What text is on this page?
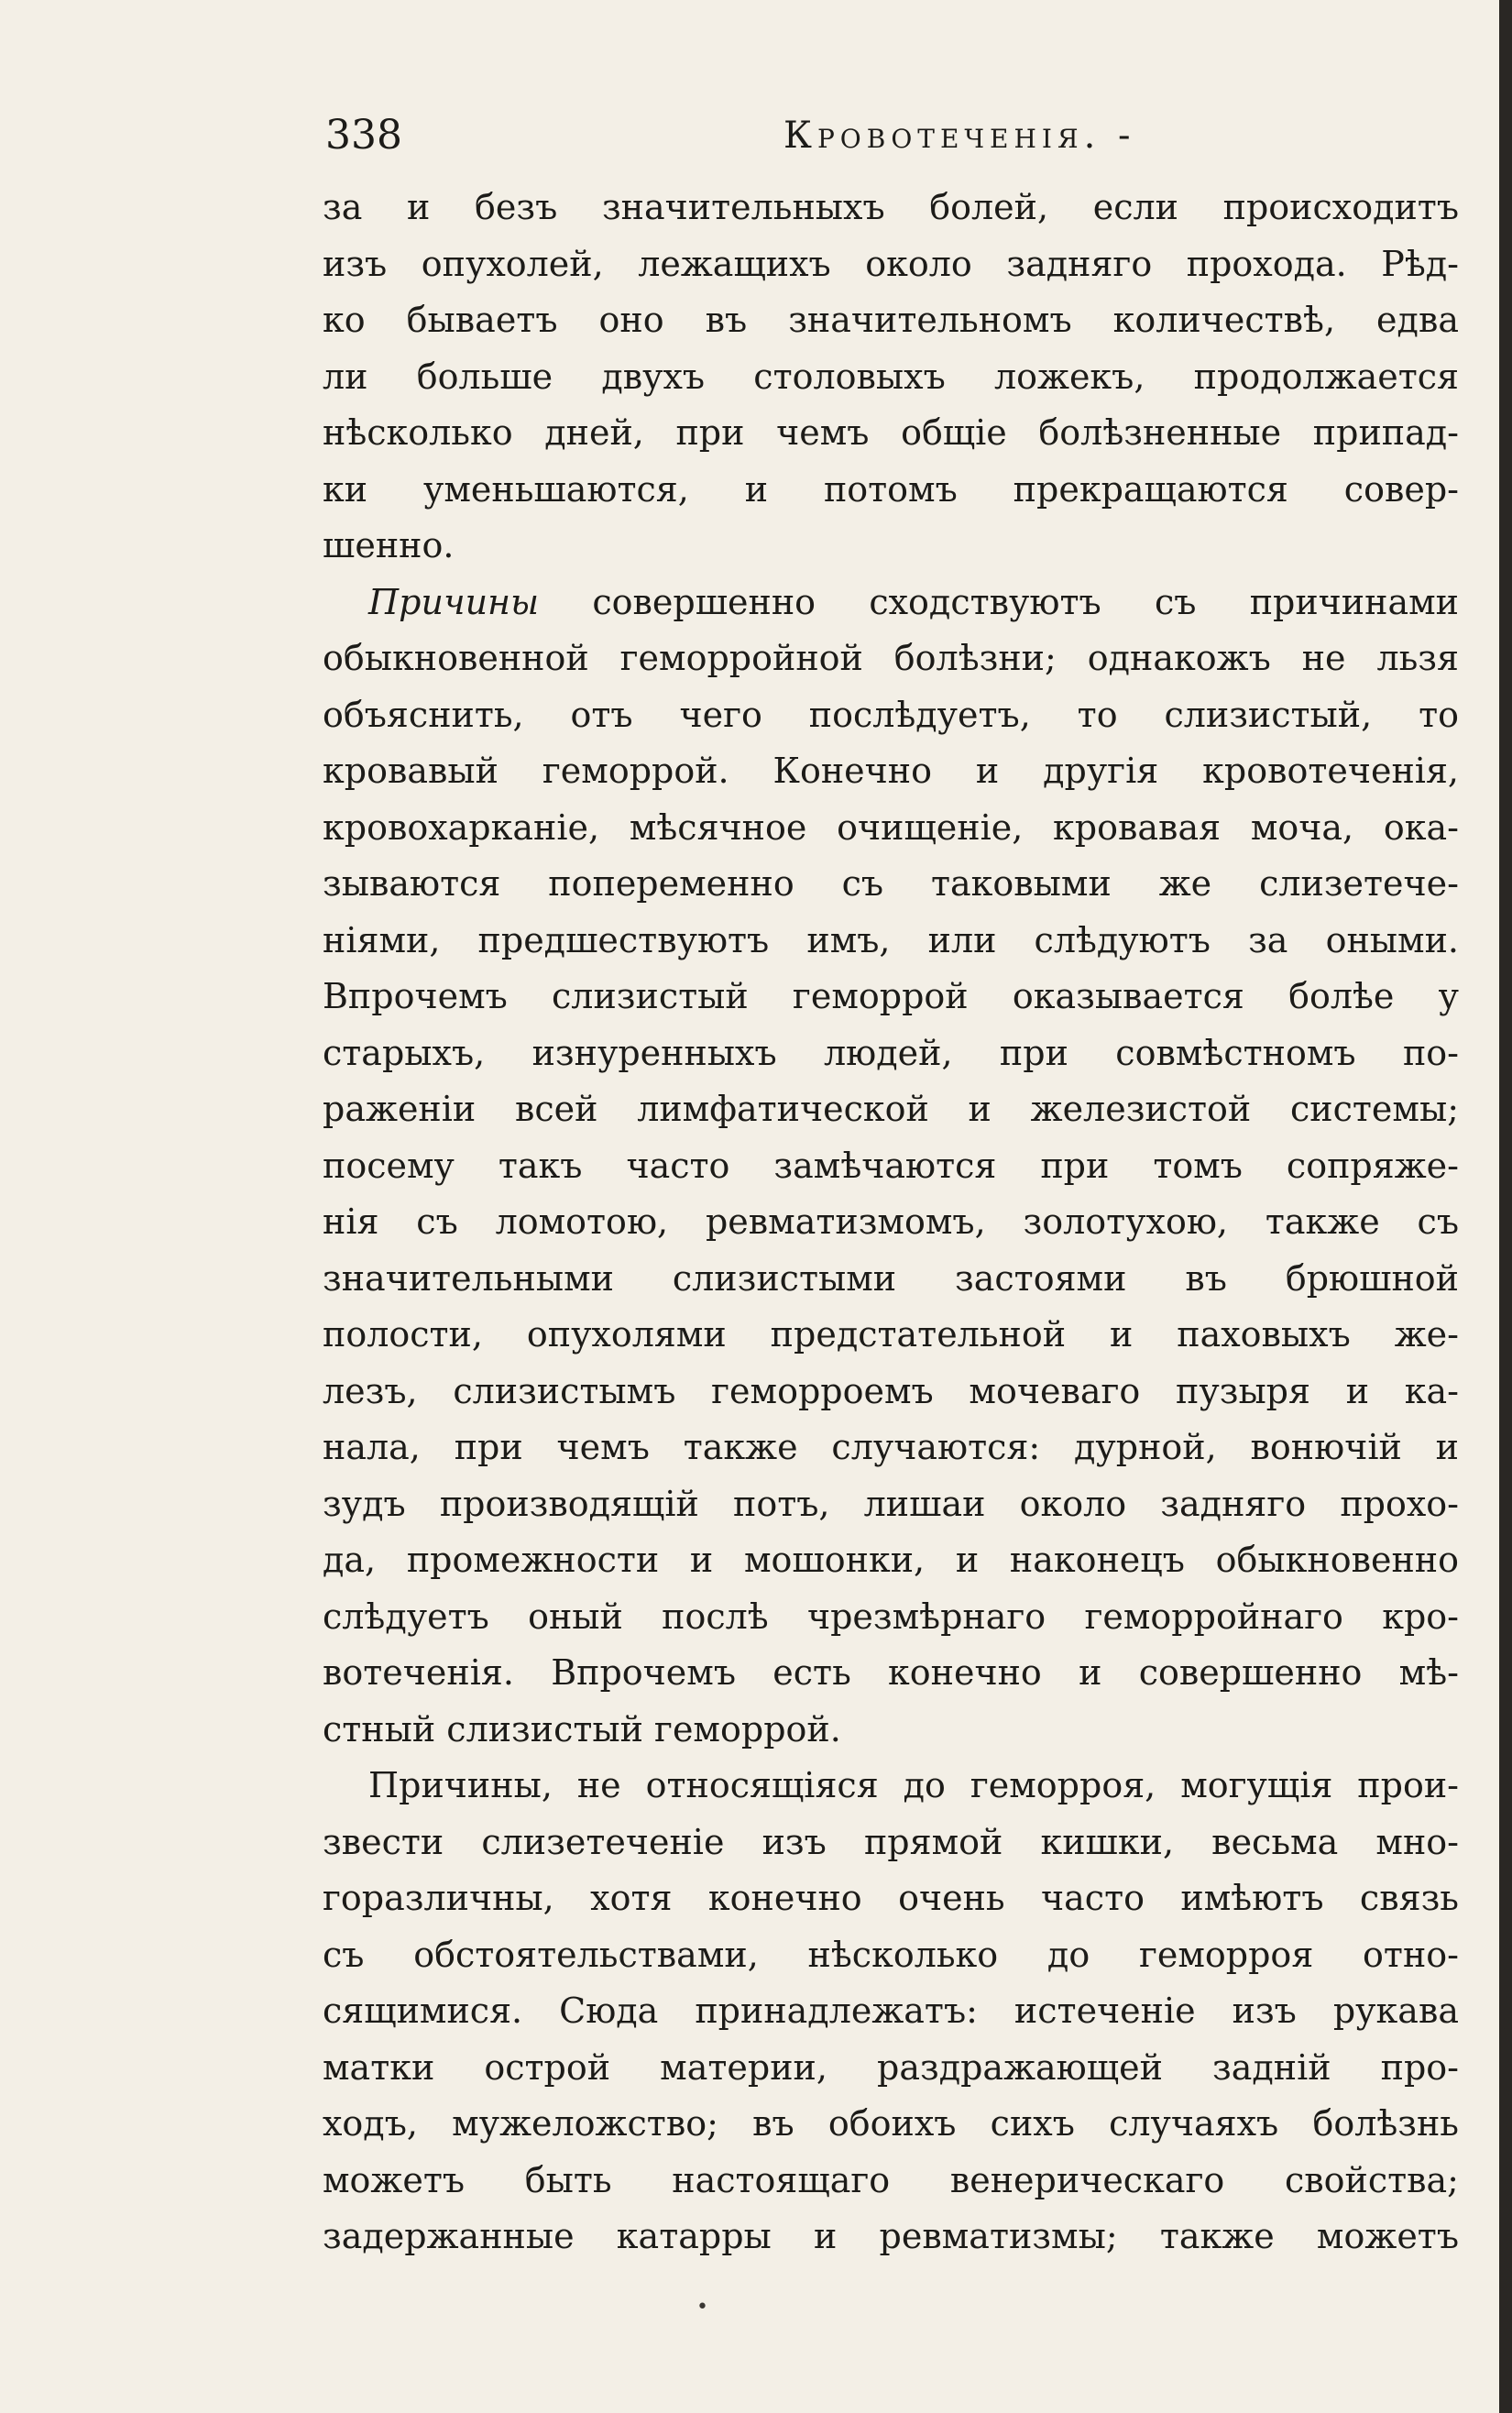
338	Кровотеченія. -
за и безъ значительныхъ болей, если происходитъ
изъ опухолей, лежащихъ около задняго прохода. Рѣд-
ко бываетъ оно въ значительномъ количествѣ, едва
ли больше двухъ столовыхъ ложекъ, продолжается
нѣсколько дней, при чемъ общіе болѣзненные припад-
ки уменьшаются, и потомъ прекращаются совер-
шенно.
Причины совершенно сходствуютъ съ причинами
обыкновенной геморройной болѣзни; однакожъ не льзя
объяснить, отъ чего послѣдуетъ, то слизистый, то
кровавый геморрой. Конечно и другія кровотеченія,
кровохарканіе, мѣсячное очищеніе, кровавая моча, ока-
зываются попеременно съ таковыми же слизетече-
ніями, предшествуютъ имъ, или слѣдуютъ за оными.
Впрочемъ слизистый геморрой оказывается болѣе у
старыхъ, изнуренныхъ людей, при совмѣстномъ по-
раженіи всей лимфатической и железистой системы;
посему такъ часто замѣчаются при томъ сопряже-
нія съ ломотою, ревматизмомъ, золотухою, также съ
значительными слизистыми застоями въ брюшной
полости, опухолями предстательной и паховыхъ же-
лезъ, слизистымъ геморроемъ мочеваго пузыря и ка-
нала, при чемъ также случаются: дурной, вонючій и
зудъ производящій потъ, лишаи около задняго прохо-
да, промежности и мошонки, и наконецъ обыкновенно
слѣдуетъ оный послѣ чрезмѣрнаго геморройнаго кро-
вотеченія. Впрочемъ есть конечно и совершенно мѣ-
стный слизистый геморрой.
Причины, не относящіяся до геморроя, могущія прои-
звести слизетеченіе изъ прямой кишки, весьма мно-
горазличны, хотя конечно очень часто имѣютъ связь
съ обстоятельствами, нѣсколько до геморроя отно-
сящимися. Сюда принадлежатъ: истеченіе изъ рукава
матки острой материи, раздражающей заднiй про-
ходъ, мужеложство; въ обоихъ сихъ случаяхъ болѣзнь
можетъ быть настоящаго венерическаго свойства;
задержанные катарры и ревматизмы; также можетъ
•
